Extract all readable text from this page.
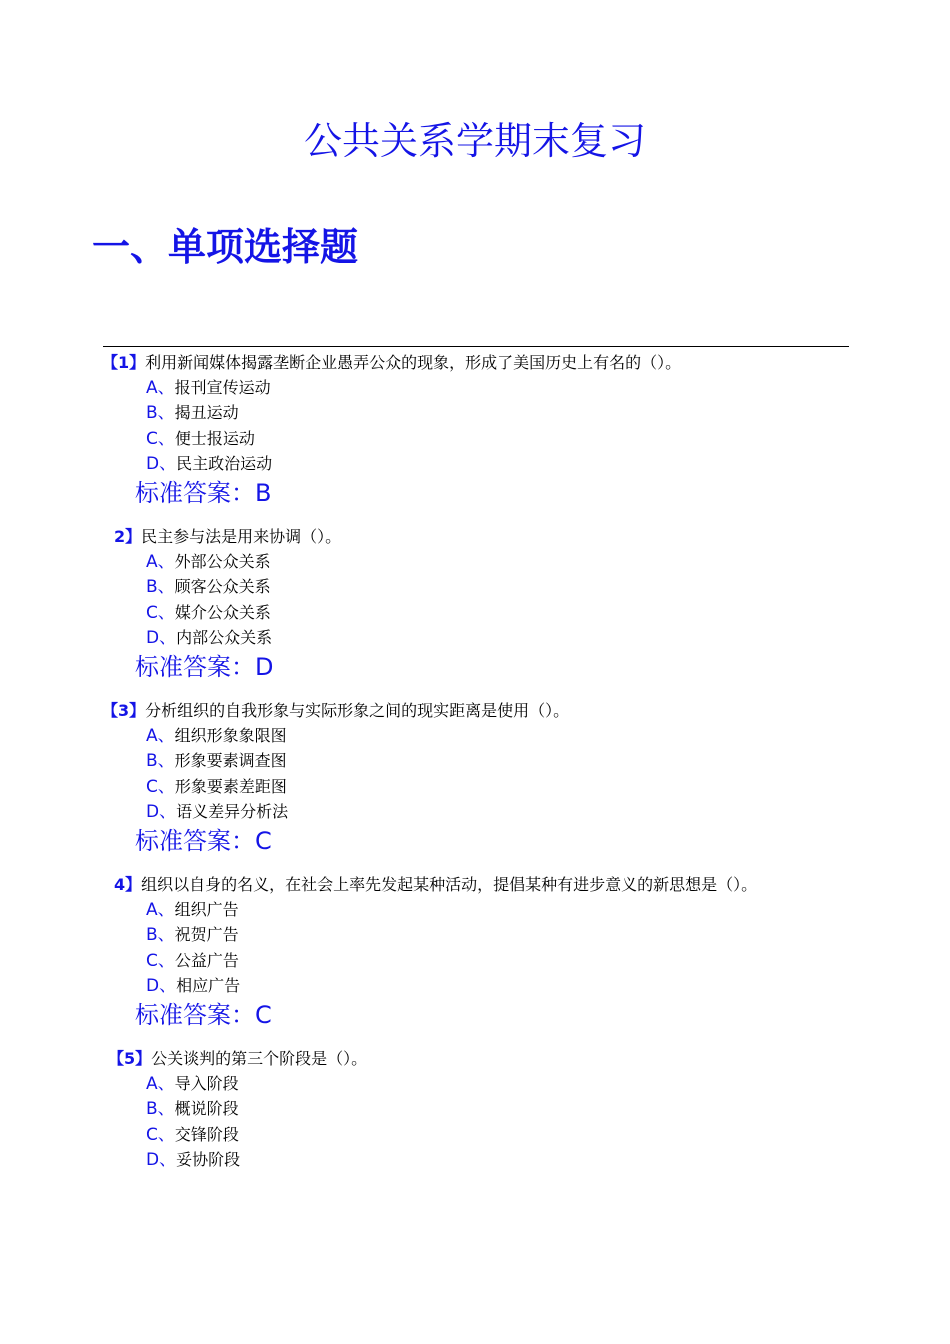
公共关系学期末复习
一、单项选择题
【1】利用新闻媒体揭露垄断企业愚弄公众的现象，形成了美国历史上有名的（）。
A、报刊宣传运动
B、揭丑运动
C、便士报运动
D、民主政治运动
标准答案：B
2】民主参与法是用来协调（）。
A、外部公众关系
B、顾客公众关系
C、媒介公众关系
D、内部公众关系
标准答案：D
【3】分析组织的自我形象与实际形象之间的现实距离是使用（）。
A、组织形象象限图
B、形象要素调查图
C、形象要素差距图
D、语义差异分析法
标准答案：C
4】组织以自身的名义，在社会上率先发起某种活动，提倡某种有进步意义的新思想是（）。
A、组织广告
B、祝贺广告
C、公益广告
D、相应广告
标准答案：C
【5】公关谈判的第三个阶段是（）。
A、导入阶段
B、概说阶段
C、交锋阶段
D、妥协阶段
